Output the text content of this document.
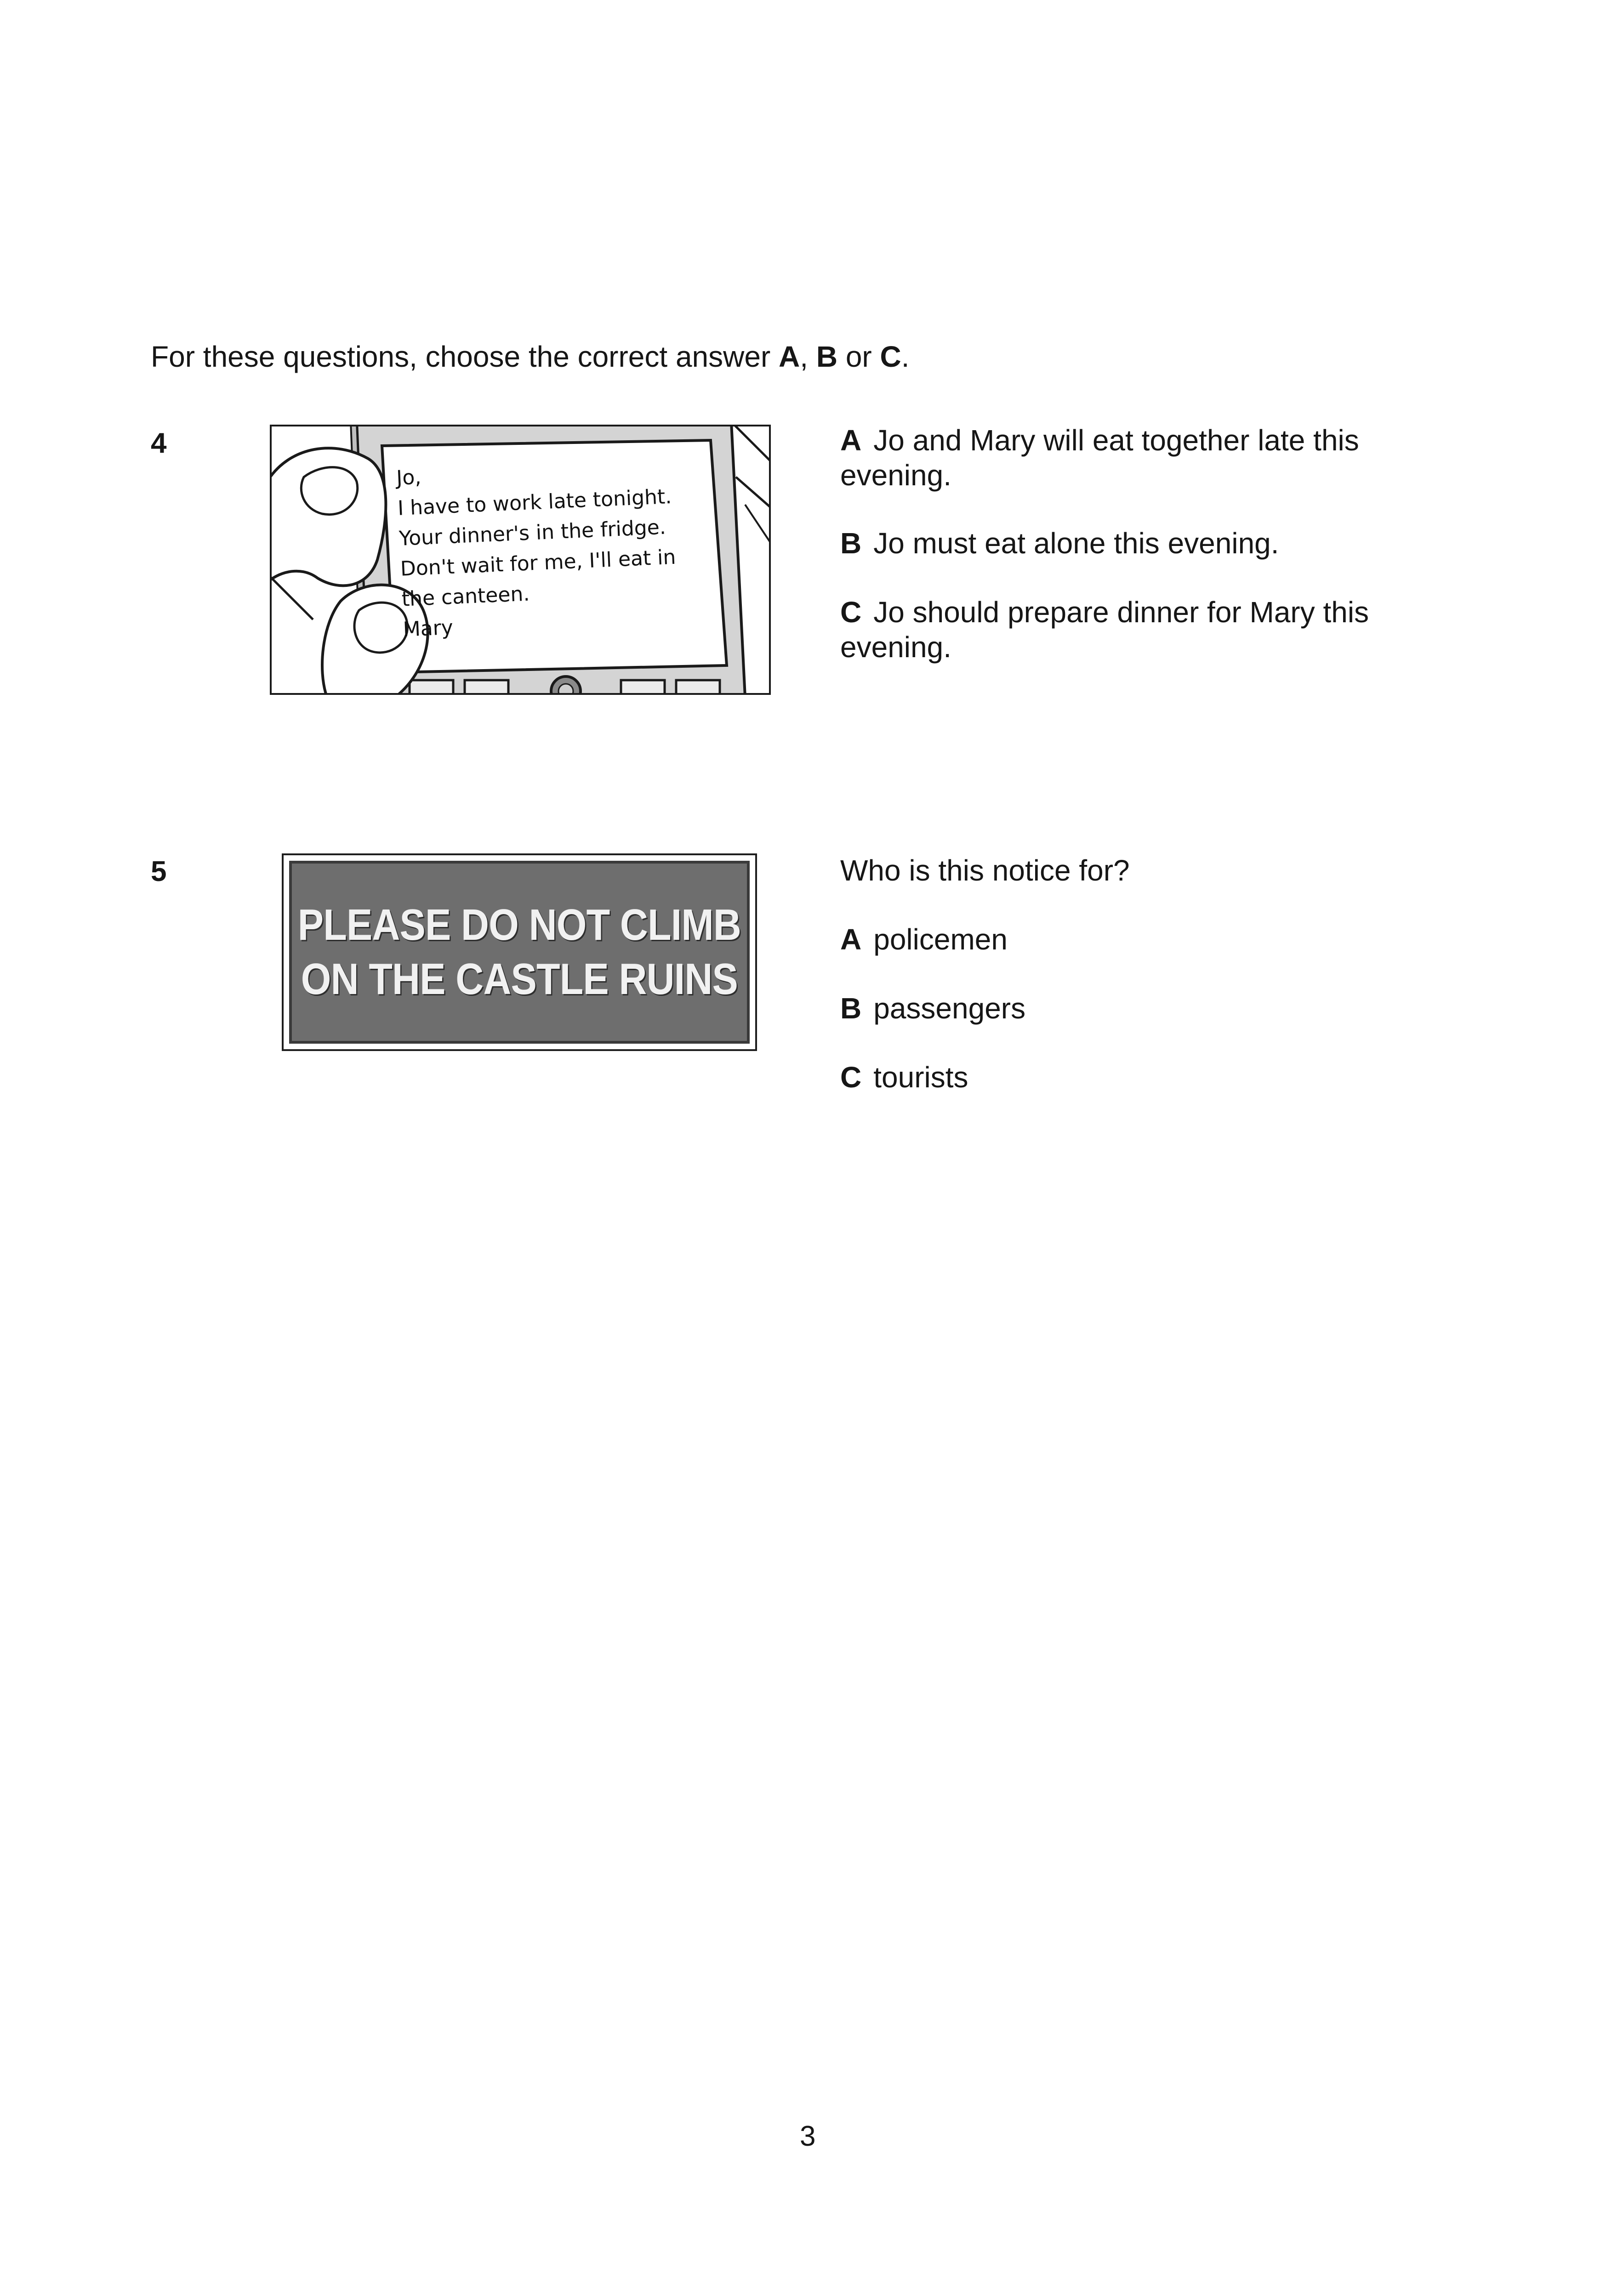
For these questions, choose the correct answer A, B or C.
4
Jo,
I have to work late tonight.
Your dinner's in the fridge.
Don't wait for me, I'll eat in
the canteen.
Mary
A Jo and Mary will eat together late this evening.
B Jo must eat alone this evening.
C Jo should prepare dinner for Mary this evening.
5
PLEASE DO NOT CLIMB
ON THE CASTLE RUINS
Who is this notice for?
A policemen
B passengers
C tourists
3
